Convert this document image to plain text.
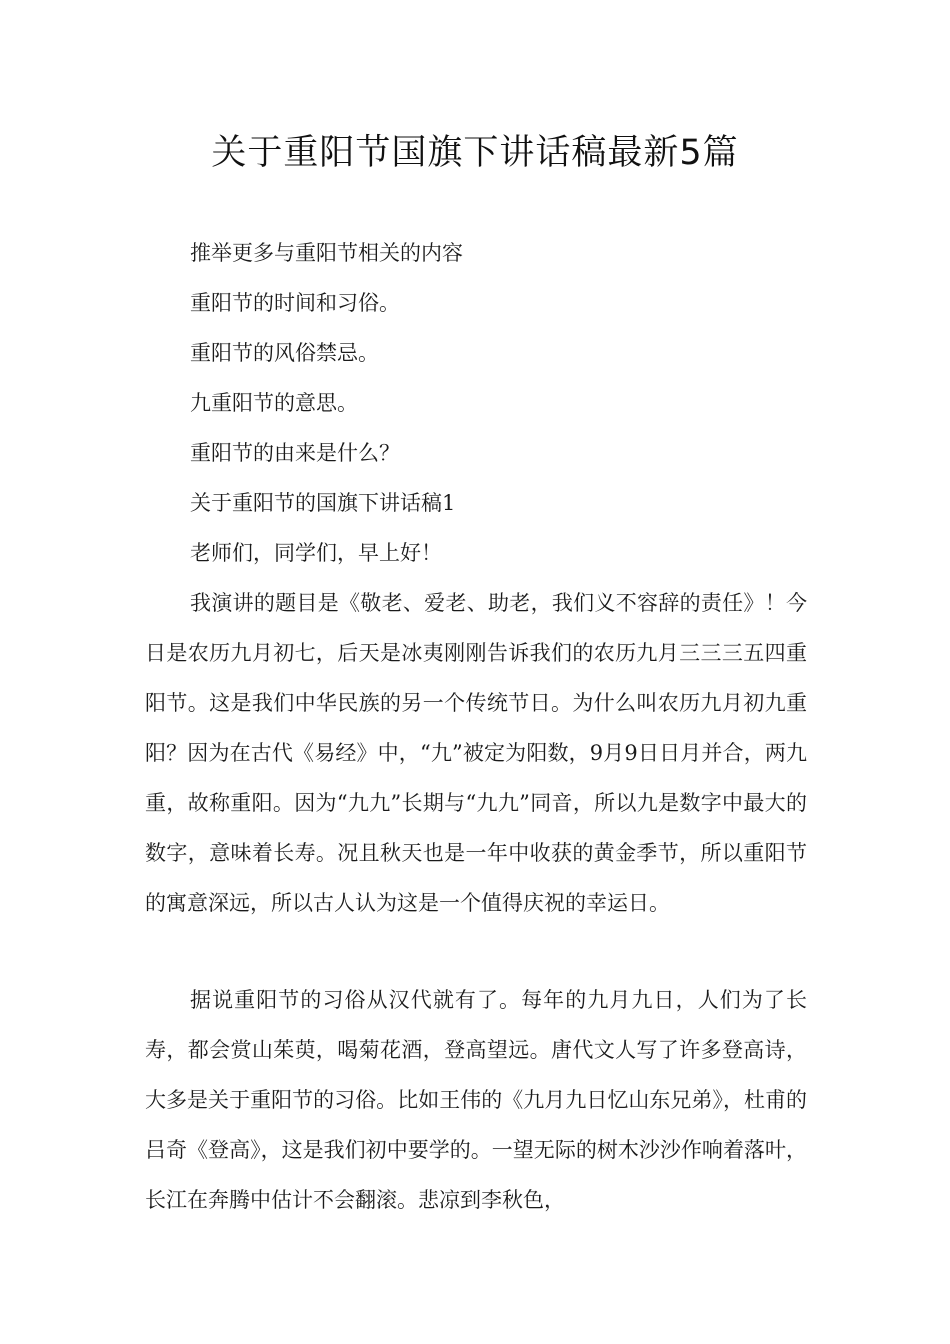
关于重阳节国旗下讲话稿最新5篇

推举更多与重阳节相关的内容

重阳节的时间和习俗。

重阳节的风俗禁忌。

九重阳节的意思。

重阳节的由来是什么？

关于重阳节的国旗下讲话稿1

老师们，同学们，早上好！

我演讲的题目是《敬老、爱老、助老，我们义不容辞的责任》！今日是农历九月初七，后天是冰夷刚刚告诉我们的农历九月三三三五四重阳节。这是我们中华民族的另一个传统节日。为什么叫农历九月初九重阳？因为在古代《易经》中，“九”被定为阳数，9月9日日月并合，两九重，故称重阳。因为“九九”长期与“九九”同音，所以九是数字中最大的数字，意味着长寿。况且秋天也是一年中收获的黄金季节，所以重阳节的寓意深远，所以古人认为这是一个值得庆祝的幸运日。

据说重阳节的习俗从汉代就有了。每年的九月九日，人们为了长寿，都会赏山茱萸，喝菊花酒，登高望远。唐代文人写了许多登高诗，大多是关于重阳节的习俗。比如王伟的《九月九日忆山东兄弟》，杜甫的吕奇《登高》，这是我们初中要学的。一望无际的树木沙沙作响着落叶，长江在奔腾中估计不会翻滚。悲凉到李秋色，
